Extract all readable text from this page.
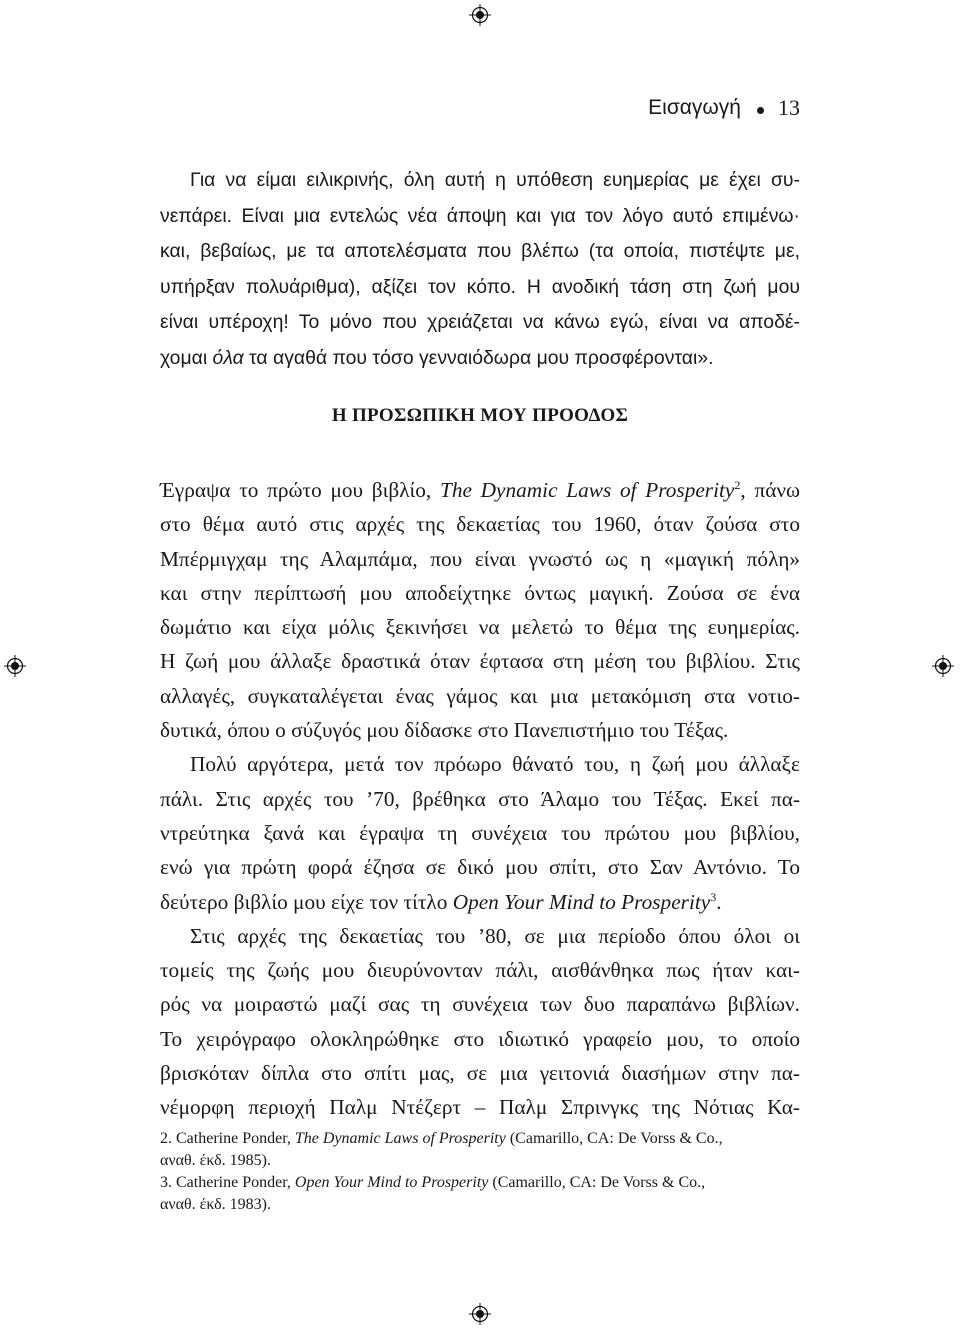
Εισαγωγή 13
Για να είμαι ειλικρινής, όλη αυτή η υπόθεση ευημερίας με έχει συ-
νεπάρει. Είναι μια εντελώς νέα άποψη και για τον λόγο αυτό επιμένω·
και, βεβαίως, με τα αποτελέσματα που βλέπω (τα οποία, πιστέψτε με,
υπήρξαν πολυάριθμα), αξίζει τον κόπο. Η ανοδική τάση στη ζωή μου
είναι υπέροχη! Το μόνο που χρειάζεται να κάνω εγώ, είναι να αποδέ-
χομαι όλα τα αγαθά που τόσο γενναιόδωρα μου προσφέρονται».
Η ΠΡΟΣΩΠΙΚΗ ΜΟΥ ΠΡΟΟΔΟΣ
Έγραψα το πρώτο μου βιβλίο, The Dynamic Laws of Prosperity$^2$, πάνω
στο θέμα αυτό στις αρχές της δεκαετίας του 1960, όταν ζούσα στο
Μπέρμιγχαμ της Αλαμπάμα, που είναι γνωστό ως η «μαγική πόλη»
και στην περίπτωσή μου αποδείχτηκε όντως μαγική. Ζούσα σε ένα
δωμάτιο και είχα μόλις ξεκινήσει να μελετώ το θέμα της ευημερίας.
Η ζωή μου άλλαξε δραστικά όταν έφτασα στη μέση του βιβλίου. Στις
αλλαγές, συγκαταλέγεται ένας γάμος και μια μετακόμιση στα νοτιο-
δυτικά, όπου ο σύζυγός μου δίδασκε στο Πανεπιστήμιο του Τέξας.
Πολύ αργότερα, μετά τον πρόωρο θάνατό του, η ζωή μου άλλαξε
πάλι. Στις αρχές του ’70, βρέθηκα στο Άλαμο του Τέξας. Εκεί πα-
ντρεύτηκα ξανά και έγραψα τη συνέχεια του πρώτου μου βιβλίου,
ενώ για πρώτη φορά έζησα σε δικό μου σπίτι, στο Σαν Αντόνιο. Το
δεύτερο βιβλίο μου είχε τον τίτλο Open Your Mind to Prosperity$^3$.
Στις αρχές της δεκαετίας του ’80, σε μια περίοδο όπου όλοι οι
τομείς της ζωής μου διευρύνονταν πάλι, αισθάνθηκα πως ήταν και-
ρός να μοιραστώ μαζί σας τη συνέχεια των δυο παραπάνω βιβλίων.
Το χειρόγραφο ολοκληρώθηκε στο ιδιωτικό γραφείο μου, το οποίο
βρισκόταν δίπλα στο σπίτι μας, σε μια γειτονιά διασήμων στην πα-
νέμορφη περιοχή Παλμ Ντέζερτ – Παλμ Σπρινγκς της Νότιας Κα-
2. Catherine Ponder, The Dynamic Laws of Prosperity (Camarillo, CA: De Vorss & Co.,
αναθ. έκδ. 1985).
3. Catherine Ponder, Open Your Mind to Prosperity (Camarillo, CA: De Vorss & Co.,
αναθ. έκδ. 1983).
